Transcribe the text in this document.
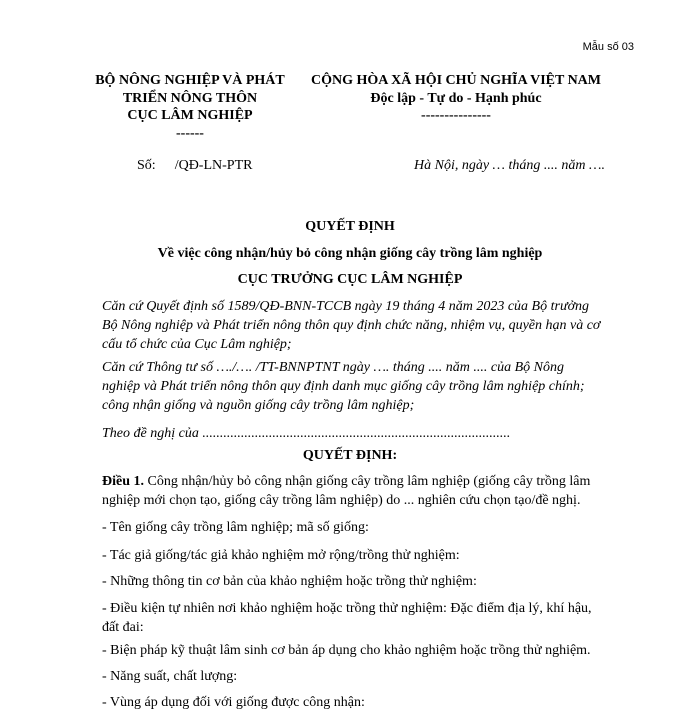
Mẫu số 03
BỘ NÔNG NGHIỆP VÀ PHÁT
TRIỂN NÔNG THÔN
CỤC LÂM NGHIỆP
------
CỘNG HÒA XÃ HỘI CHỦ NGHĨA VIỆT NAM
Độc lập - Tự do - Hạnh phúc
---------------
Số: /QĐ-LN-PTR	Hà Nội, ngày … tháng .... năm ….
QUYẾT ĐỊNH
Về việc công nhận/hủy bỏ công nhận giống cây trồng lâm nghiệp
CỤC TRƯỞNG CỤC LÂM NGHIỆP
Căn cứ Quyết định số 1589/QĐ-BNN-TCCB ngày 19 tháng 4 năm 2023 của Bộ trưởng Bộ Nông nghiệp và Phát triển nông thôn quy định chức năng, nhiệm vụ, quyền hạn và cơ cấu tổ chức của Cục Lâm nghiệp;
Căn cứ Thông tư số …./…. /TT-BNNPTNT ngày …. tháng .... năm .... của Bộ Nông nghiệp và Phát triển nông thôn quy định danh mục giống cây trồng lâm nghiệp chính; công nhận giống và nguồn giống cây trồng lâm nghiệp;
Theo đề nghị của ........................................................................................
QUYẾT ĐỊNH:
Điều 1. Công nhận/hủy bỏ công nhận giống cây trồng lâm nghiệp (giống cây trồng lâm nghiệp mới chọn tạo, giống cây trồng lâm nghiệp) do ... nghiên cứu chọn tạo/đề nghị.
- Tên giống cây trồng lâm nghiệp; mã số giống:
- Tác giả giống/tác giả khảo nghiệm mở rộng/trồng thử nghiệm:
- Những thông tin cơ bản của khảo nghiệm hoặc trồng thử nghiệm:
- Điều kiện tự nhiên nơi khảo nghiệm hoặc trồng thử nghiệm: Đặc điểm địa lý, khí hậu, đất đai:
- Biện pháp kỹ thuật lâm sinh cơ bản áp dụng cho khảo nghiệm hoặc trồng thử nghiệm.
- Năng suất, chất lượng:
- Vùng áp dụng đối với giống được công nhận:
